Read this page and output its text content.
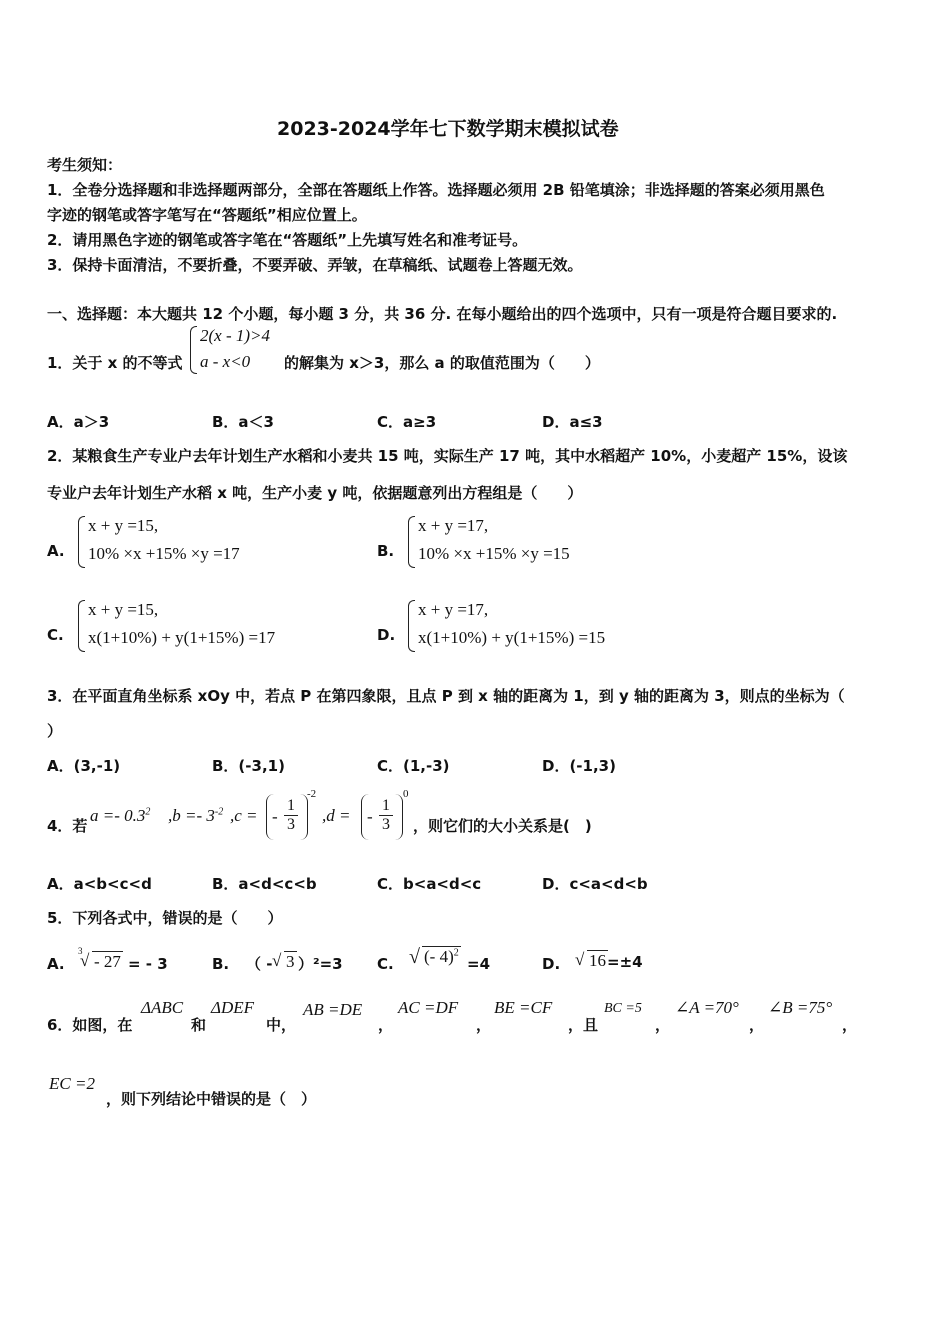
2023-2024学年七下数学期末模拟试卷
考生须知：
1．全卷分选择题和非选择题两部分，全部在答题纸上作答。选择题必须用 2B 铅笔填涂；非选择题的答案必须用黑色
字迹的钢笔或答字笔写在“答题纸”相应位置上。
2．请用黑色字迹的钢笔或答字笔在“答题纸”上先填写姓名和准考证号。
3．保持卡面清洁，不要折叠，不要弄破、弄皱，在草稿纸、试题卷上答题无效。
一、选择题：本大题共 12 个小题，每小题 3 分，共 36 分. 在每小题给出的四个选项中，只有一项是符合题目要求的.
1．关于 x 的不等式
2(x - 1)>4
a - x<0 的解集为 x＞3，那么 a 的取值范围为（　　）
A．a＞3	B．a＜3	C．a≥3	D．a≤3
2．某粮食生产专业户去年计划生产水稻和小麦共 15 吨，实际生产 17 吨，其中水稻超产 10%，小麦超产 15%，设该
专业户去年计划生产水稻 x 吨，生产小麦 y 吨，依据题意列出方程组是（　　）
A.
x + y =15,
10% ×x +15% ×y =17	B.
x + y =17,
10% ×x +15% ×y =15
C.
x + y =15,
x(1+10%) + y(1+15%) =17	D.
x + y =17,
x(1+10%) + y(1+15%) =15
3．在平面直角坐标系 xOy 中，若点 P 在第四象限，且点 P 到 x 轴的距离为 1，到 y 轴的距离为 3，则点的坐标为（
）
A．(3,-1)	B．(-3,1)	C．(1,-3)	D．(-1,3)
4．若
$a =- 0.3^2$ $,b =- 3^{-2}$ ,c = - $\frac{1}{3}$
-2
,d = - $\frac{1}{3}$
0
，则它们的大小关系是(　)
A．a<b<c<d	B．a<d<c<b	C．b<a<d<c	D．c<a<d<b
5．下列各式中，错误的是（　　）
A.
3
√ - 27 = - 3	B. （ - √ 3 ）²=3 C. √ (- 4)$^2$
=4	D. √ 16 =±4
6．如图，在
ΔABC
和
ΔDEF
中，
AB =DE
，
AC =DF
，
BE =CF
，且
BC =5
，
∠A =70°
，
∠B =75°
，
EC =2
，则下列结论中错误的是（　）
